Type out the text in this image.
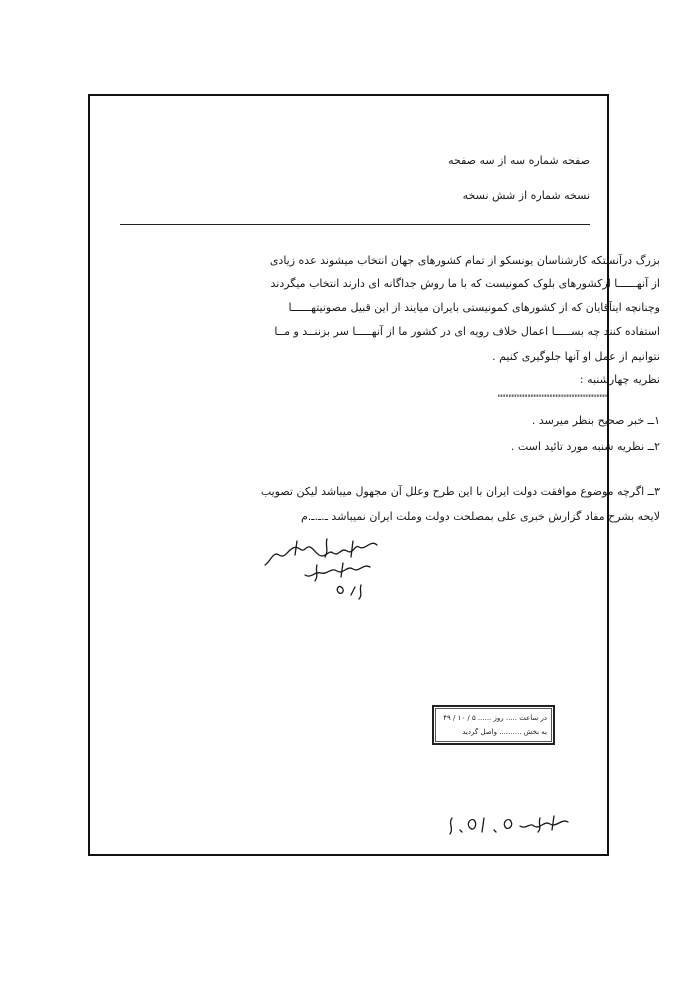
صفحه شماره سه از سه صفحه
نسخه شماره از شش نسخه
بزرگ درآنستکه کارشناسان یونسکو از تمام کشورهای جهان انتخاب میشوند عده زیادی
از آنهــــــا ازکشورهای بلوک کمونیست که با ما روش جداگانه ای دارند انتخاب میگردند
وچنانچه اینآقایان که از کشورهای کمونیستی بایران میایند از این قبیل مصونیتهــــــا
استفاده کنند چه بســـــا اعمال خلاف رویه ای در کشور ما از آنهـــــا سر بزننــد و مــا
نتوانیم از عمل او آنها جلوگیری کنیم .
نظریه چهارشنبه :
"""""""""""""""""""""""""""""""""""
۱ــ خبر صحیح بنظر میرسد .
۲ــ نظریه شنبه مورد تائید است .
۳ــ اگرچه موضوع موافقت دولت ایران با این طرح وعلل آن مجهول میباشد لیکن تصویب
لایحه بشرح مفاد گزارش خبری علی بمصلحت دولت وملت ایران نمیباشد ـ.ـ.ـ.م
در ساعت ..... روز ...... ۵ / ۱۰ / ۴۹
به بخش .......... واصل گردید
